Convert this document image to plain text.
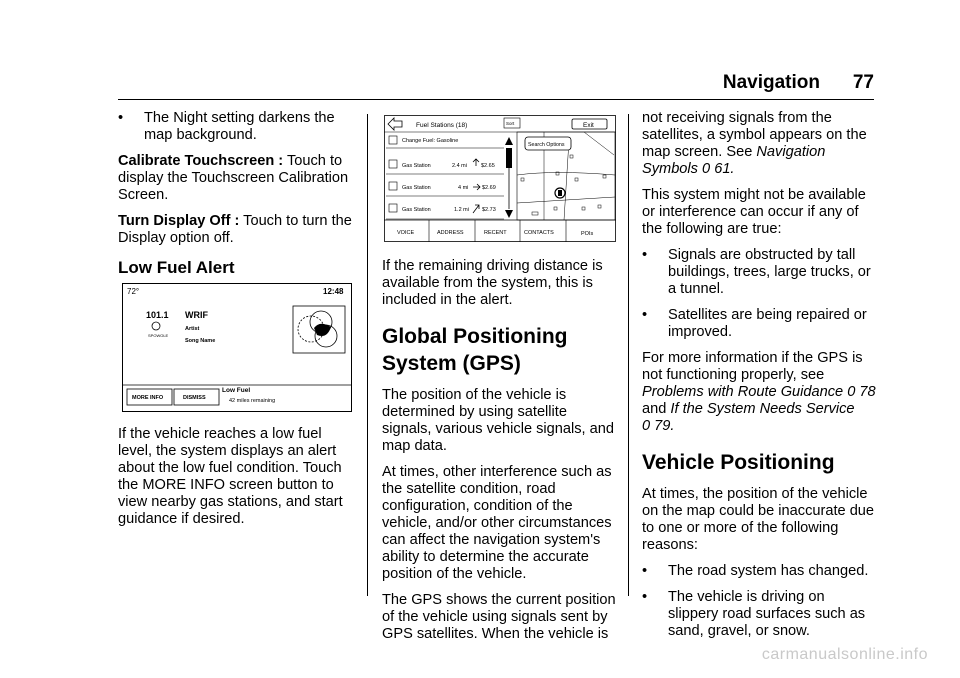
Navigation 77
•	The Night setting darkens the map background.

Calibrate Touchscreen : Touch to display the Touchscreen Calibration Screen.

Turn Display Off : Touch to turn the Display option off.

Low Fuel Alert
72°	12:48
101.1
SPOWOLE
WRIF
Artist
Song Name
MORE INFO	DISMISS
Low Fuel
42 miles remaining

If the vehicle reaches a low fuel level, the system displays an alert about the low fuel condition. Touch the MORE INFO screen button to view nearby gas stations, and start guidance if desired.

Fuel Stations (18)	Sort	Exit
Change Fuel: Gasoline
Gas Station	2.4 mi	$2.65
Gas Station	4 mi $2.69
Gas Station	1.2 mi $2.73
Search Options
VOICE	ADDRESS	RECENT	CONTACTS	POIs

If the remaining driving distance is available from the system, this is included in the alert.

Global Positioning System (GPS)

The position of the vehicle is determined by using satellite signals, various vehicle signals, and map data.

At times, other interference such as the satellite condition, road configuration, condition of the vehicle, and/or other circumstances can affect the navigation system's ability to determine the accurate position of the vehicle.

The GPS shows the current position of the vehicle using signals sent by GPS satellites. When the vehicle is

not receiving signals from the satellites, a symbol appears on the map screen. See Navigation Symbols 0 61.

This system might not be available or interference can occur if any of the following are true:

•	Signals are obstructed by tall buildings, trees, large trucks, or a tunnel.
•	Satellites are being repaired or improved.

For more information if the GPS is not functioning properly, see Problems with Route Guidance 0 78
and If the System Needs Service
0 79.

Vehicle Positioning

At times, the position of the vehicle on the map could be inaccurate due to one or more of the following reasons:

•	The road system has changed.
•	The vehicle is driving on slippery road surfaces such as sand, gravel, or snow.
carmanualsonline.info
